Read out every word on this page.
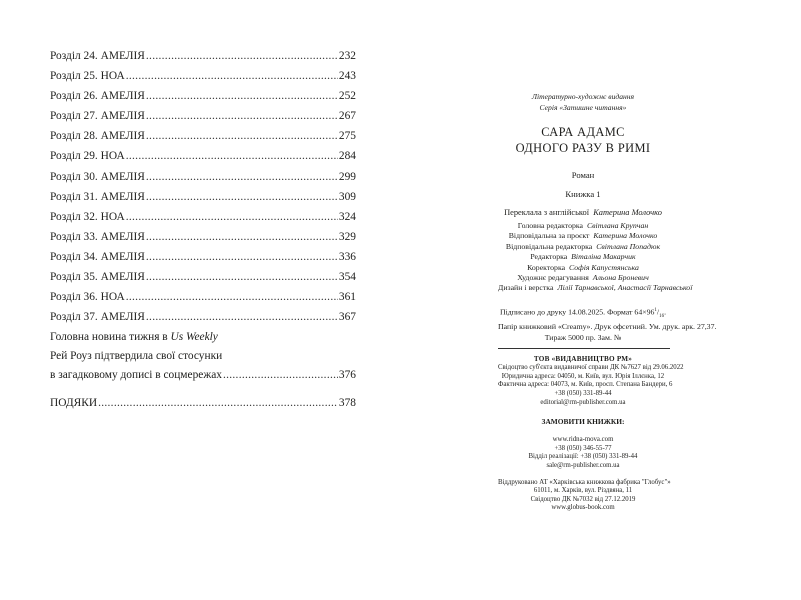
Розділ 24. АМЕЛІЯ .....	232
Розділ 25. НОА .....	243
Розділ 26. АМЕЛІЯ .....	252
Розділ 27. АМЕЛІЯ .....	267
Розділ 28. АМЕЛІЯ .....	275
Розділ 29. НОА .....	284
Розділ 30. АМЕЛІЯ .....	299
Розділ 31. АМЕЛІЯ .....	309
Розділ 32. НОА .....	324
Розділ 33. АМЕЛІЯ .....	329
Розділ 34. АМЕЛІЯ .....	336
Розділ 35. АМЕЛІЯ .....	354
Розділ 36. НОА .....	361
Розділ 37. АМЕЛІЯ .....	367
Головна новина тижня в Us Weekly
Рей Роуз підтвердила свої стосунки
в загадковому дописі в соцмережах .....	376
ПОДЯКИ .....	378
Літературно-художнє видання
Серія «Затишне читання»
САРА АДАМС
ОДНОГО РАЗУ В РИМІ
Роман
Книжка 1
Переклала з англійської Катерина Молочко
Головна редакторка Світлана Крупчан
Відповідальна за проєкт Катерина Молочко
Відповідальна редакторка Світлана Попадюк
Редакторка Віталіна Макарчик
Коректорка Софія Капустянська
Художнє редагування Альона Броневич
Дизайн і верстка Лілії Тарнавської, Анастасії Тарнавської
Підписано до друку 14.08.2025. Формат $64\times 96^1/_{16}$.
Папір книжковий «Creamy». Друк офсетний. Ум. друк. арк. 27,37.
Тираж 5000 пр. Зам. №
ТОВ «ВИДАВНИЦТВО РМ»
Свідоцтво суб'єкта видавничої справи ДК №7627 від 29.06.2022
Юридична адреса: 04050, м. Київ, вул. Юрія Іллєнка, 12
Фактична адреса: 04073, м. Київ, просп. Степана Бандери, 6
+38 (050) 331-89-44
editorial@rm-publisher.com.ua
ЗАМОВИТИ КНИЖКИ:
www.ridna-mova.com
+38 (050) 346-55-77
Відділ реалізації: +38 (050) 331-89-44
sale@rm-publisher.com.ua
Віддруковано АТ «Харківська книжкова фабрика "Глобус"»
61011, м. Харків, вул. Різдвяна, 11
Свідоцтво ДК №7032 від 27.12.2019
www.globus-book.com
